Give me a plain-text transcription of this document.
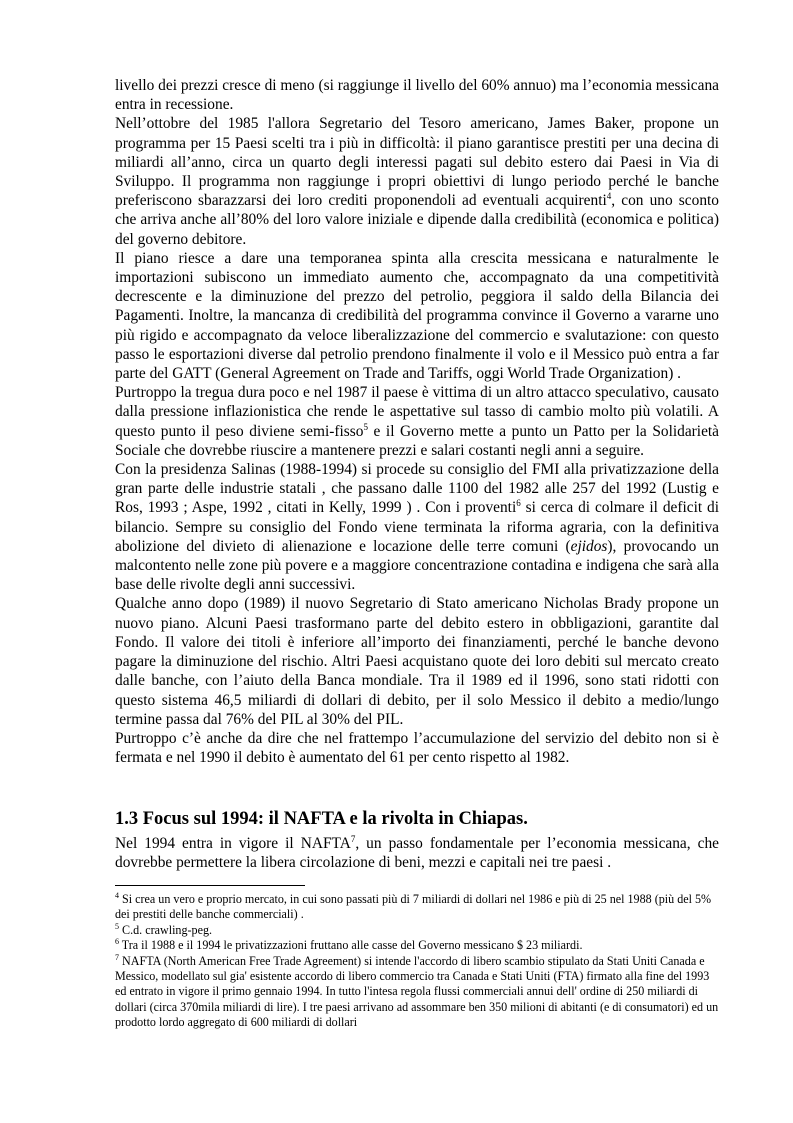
livello dei prezzi cresce di meno (si raggiunge il livello del 60% annuo) ma l’economia messicana entra in recessione.

Nell’ottobre del 1985 l'allora Segretario del Tesoro americano, James Baker, propone un programma per 15 Paesi scelti tra i più in difficoltà: il piano garantisce prestiti per una decina di miliardi all’anno, circa un quarto degli interessi pagati sul debito estero dai Paesi in Via di Sviluppo. Il programma non raggiunge i propri obiettivi di lungo periodo perché le banche preferiscono sbarazzarsi dei loro crediti proponendoli ad eventuali acquirenti$^4$, con uno sconto che arriva anche all’80% del loro valore iniziale e dipende dalla credibilità (economica e politica) del governo debitore.

Il piano riesce a dare una temporanea spinta alla crescita messicana e naturalmente le importazioni subiscono un immediato aumento che, accompagnato da una competitività decrescente e la diminuzione del prezzo del petrolio, peggiora il saldo della Bilancia dei Pagamenti. Inoltre, la mancanza di credibilità del programma convince il Governo a vararne uno più rigido e accompagnato da veloce liberalizzazione del commercio e svalutazione: con questo passo le esportazioni diverse dal petrolio prendono finalmente il volo e il Messico può entra a far parte del GATT (General Agreement on Trade and Tariffs, oggi World Trade Organization) .

Purtroppo la tregua dura poco e nel 1987 il paese è vittima di un altro attacco speculativo, causato dalla pressione inflazionistica che rende le aspettative sul tasso di cambio molto più volatili. A questo punto il peso diviene semi-fisso$^5$ e il Governo mette a punto un Patto per la Solidarietà Sociale che dovrebbe riuscire a mantenere prezzi e salari costanti negli anni a seguire.

Con la presidenza Salinas (1988-1994) si procede su consiglio del FMI alla privatizzazione della gran parte delle industrie statali , che passano dalle 1100 del 1982 alle 257 del 1992 (Lustig e Ros, 1993 ; Aspe, 1992 , citati in Kelly, 1999 ) . Con i proventi$^6$ si cerca di colmare il deficit di bilancio. Sempre su consiglio del Fondo viene terminata la riforma agraria, con la definitiva abolizione del divieto di alienazione e locazione delle terre comuni (ejidos), provocando un malcontento nelle zone più povere e a maggiore concentrazione contadina e indigena che sarà alla base delle rivolte degli anni successivi.

Qualche anno dopo (1989) il nuovo Segretario di Stato americano Nicholas Brady propone un nuovo piano. Alcuni Paesi trasformano parte del debito estero in obbligazioni, garantite dal Fondo. Il valore dei titoli è inferiore all’importo dei finanziamenti, perché le banche devono pagare la diminuzione del rischio. Altri Paesi acquistano quote dei loro debiti sul mercato creato dalle banche, con l’aiuto della Banca mondiale. Tra il 1989 ed il 1996, sono stati ridotti con questo sistema 46,5 miliardi di dollari di debito, per il solo Messico il debito a medio/lungo termine passa dal 76% del PIL al 30% del PIL.

Purtroppo c’è anche da dire che nel frattempo l’accumulazione del servizio del debito non si è fermata e nel 1990 il debito è aumentato del 61 per cento rispetto al 1982.

1.3 Focus sul 1994: il NAFTA e la rivolta in Chiapas.

Nel 1994 entra in vigore il NAFTA$^7$, un passo fondamentale per l’economia messicana, che dovrebbe permettere la libera circolazione di beni, mezzi e capitali nei tre paesi .

$^4$ Si crea un vero e proprio mercato, in cui sono passati più di 7 miliardi di dollari nel 1986 e più di 25 nel 1988 (più del 5% dei prestiti delle banche commerciali) .

$^5$ C.d. crawling-peg.

$^6$ Tra il 1988 e il 1994 le privatizzazioni fruttano alle casse del Governo messicano $ 23 miliardi.

$^7$ NAFTA (North American Free Trade Agreement) si intende l'accordo di libero scambio stipulato da Stati Uniti Canada e Messico, modellato sul gia' esistente accordo di libero commercio tra Canada e Stati Uniti (FTA) firmato alla fine del 1993 ed entrato in vigore il primo gennaio 1994. In tutto l'intesa regola flussi commerciali annui dell' ordine di 250 miliardi di dollari (circa 370mila miliardi di lire). I tre paesi arrivano ad assommare ben 350 milioni di abitanti (e di consumatori) ed un prodotto lordo aggregato di 600 miliardi di dollari
